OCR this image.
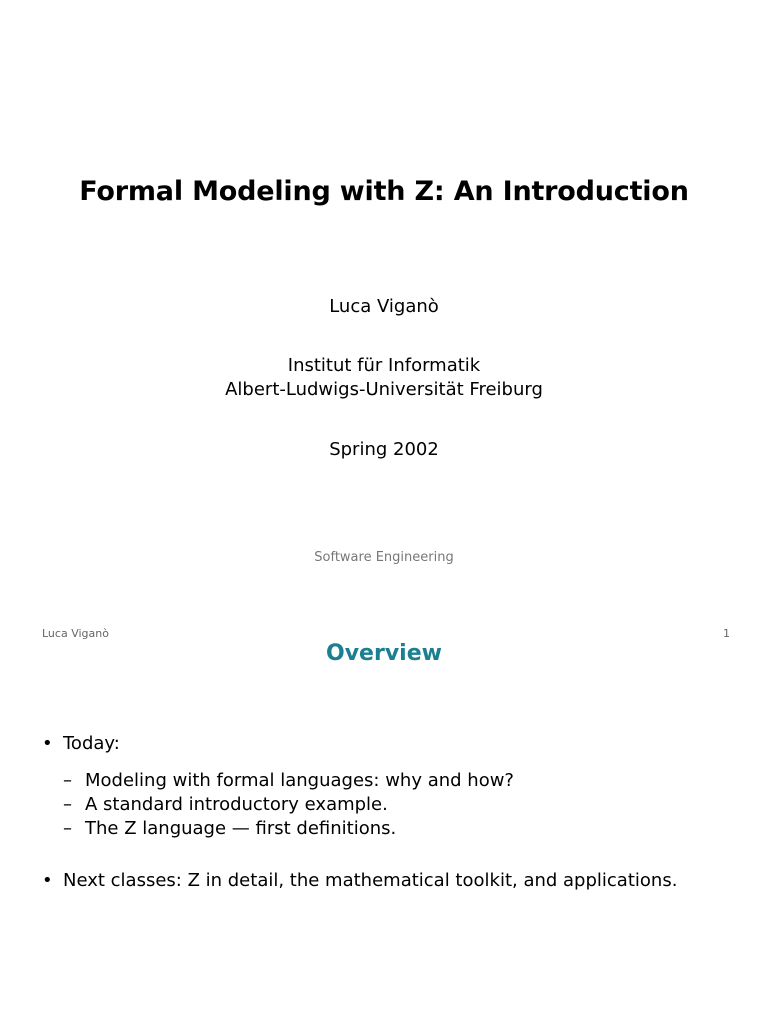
Formal Modeling with Z: An Introduction
Luca Viganò
Institut für Informatik
Albert-Ludwigs-Universität Freiburg
Spring 2002
Software Engineering
Luca Viganò	1
Overview
• Today:
– Modeling with formal languages: why and how?
– A standard introductory example.
– The Z language — first definitions.
• Next classes: Z in detail, the mathematical toolkit, and applications.
